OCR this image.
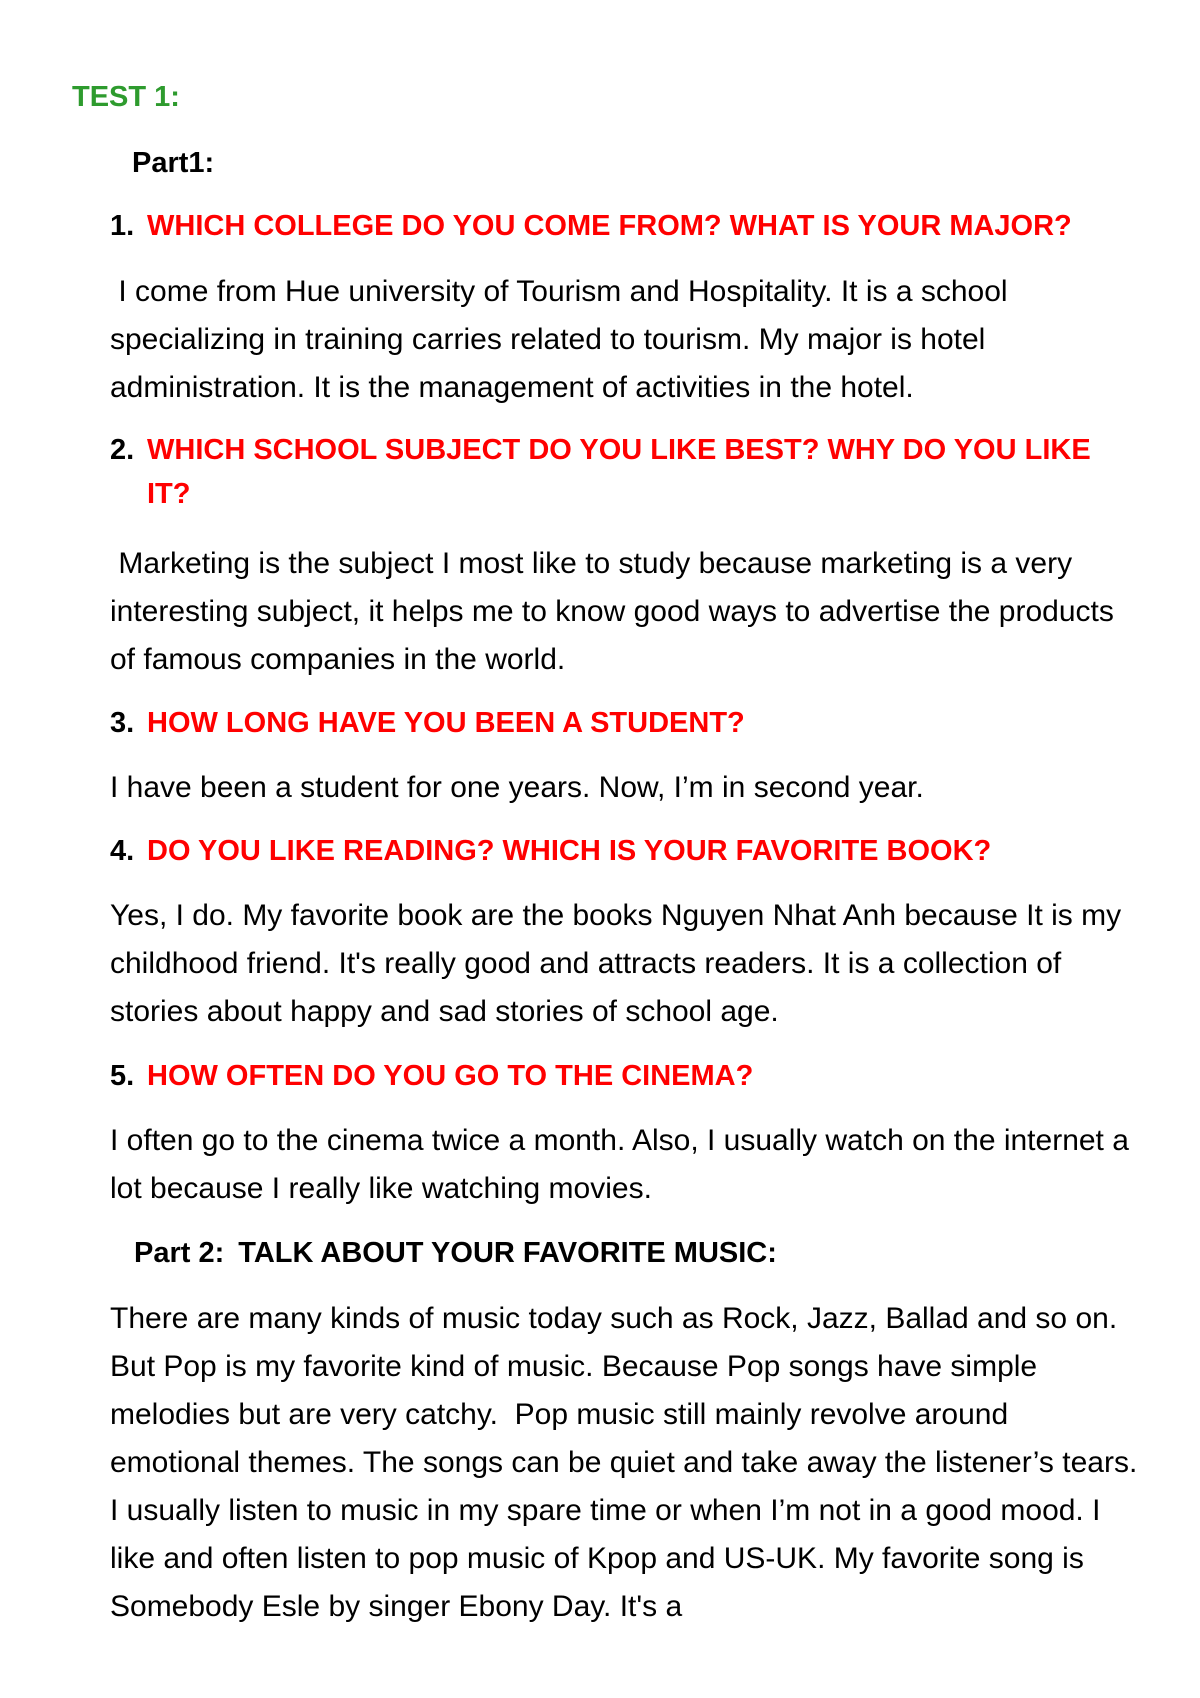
TEST 1:
Part1:
1. WHICH COLLEGE DO YOU COME FROM? WHAT IS YOUR MAJOR?

I come from Hue university of Tourism and Hospitality. It is a school specializing in training carries related to tourism. My major is hotel administration. It is the management of activities in the hotel.

2. WHICH SCHOOL SUBJECT DO YOU LIKE BEST? WHY DO YOU LIKE IT?

Marketing is the subject I most like to study because marketing is a very interesting subject, it helps me to know good ways to advertise the products of famous companies in the world.

3. HOW LONG HAVE YOU BEEN A STUDENT?

I have been a student for one years. Now, I’m in second year.

4. DO YOU LIKE READING? WHICH IS YOUR FAVORITE BOOK?

Yes, I do. My favorite book are the books Nguyen Nhat Anh because It is my childhood friend. It's really good and attracts readers. It is a collection of stories about happy and sad stories of school age.

5. HOW OFTEN DO YOU GO TO THE CINEMA?

I often go to the cinema twice a month. Also, I usually watch on the internet a lot because I really like watching movies.

Part 2: TALK ABOUT YOUR FAVORITE MUSIC:

There are many kinds of music today such as Rock, Jazz, Ballad and so on. But Pop is my favorite kind of music. Because Pop songs have simple melodies but are very catchy.  Pop music still mainly revolve around emotional themes. The songs can be quiet and take away the listener’s tears. I usually listen to music in my spare time or when I’m not in a good mood. I like and often listen to pop music of Kpop and US-UK. My favorite song is Somebody Esle by singer Ebony Day. It's a
